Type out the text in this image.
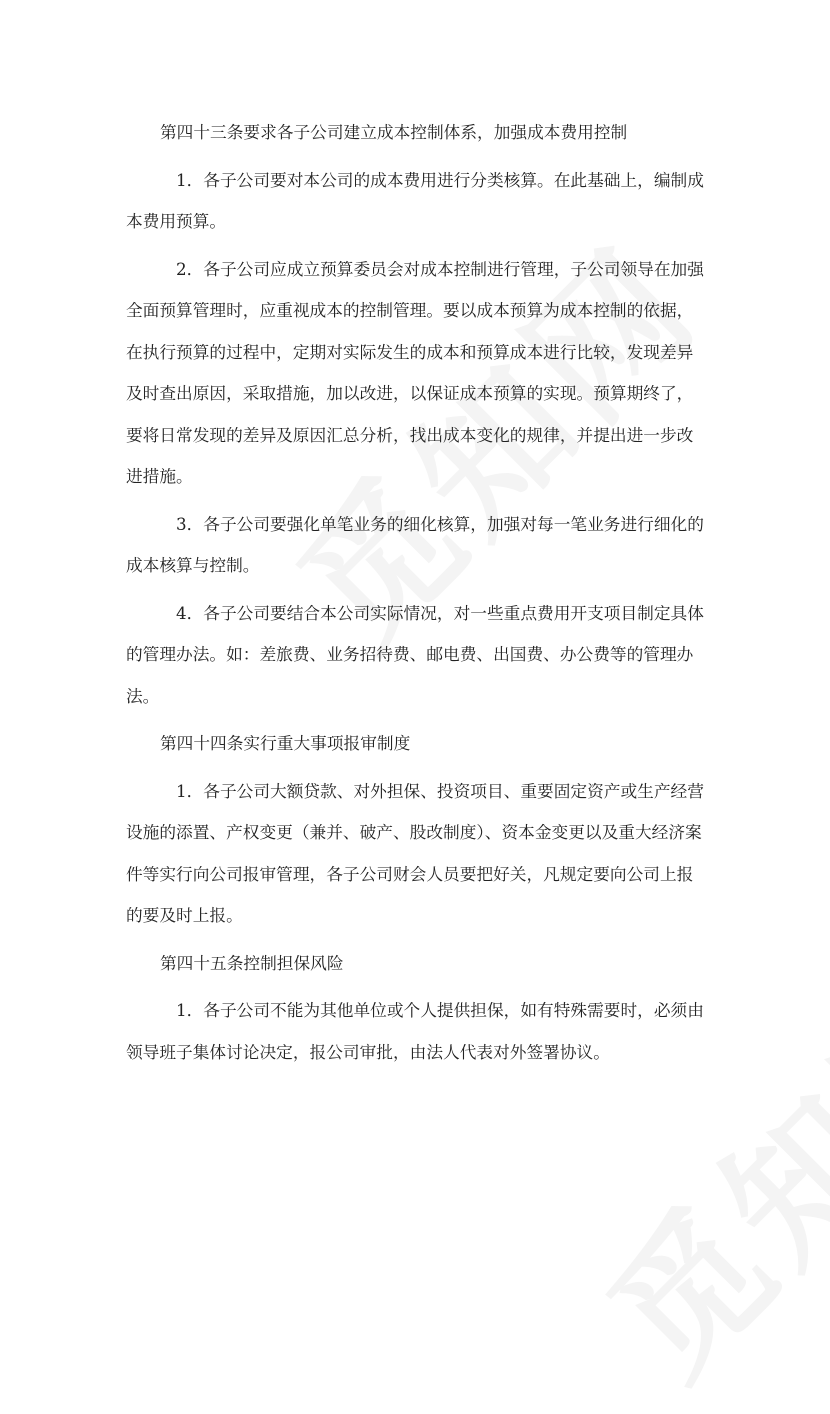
第四十三条要求各子公司建立成本控制体系，加强成本费用控制

1．各子公司要对本公司的成本费用进行分类核算。在此基础上，编制成
本费用预算。

2．各子公司应成立预算委员会对成本控制进行管理，子公司领导在加强
全面预算管理时，应重视成本的控制管理。要以成本预算为成本控制的依据，
在执行预算的过程中，定期对实际发生的成本和预算成本进行比较，发现差异
及时查出原因，采取措施，加以改进，以保证成本预算的实现。预算期终了，
要将日常发现的差异及原因汇总分析，找出成本变化的规律，并提出进一步改
进措施。

3．各子公司要强化单笔业务的细化核算，加强对每一笔业务进行细化的
成本核算与控制。

4．各子公司要结合本公司实际情况，对一些重点费用开支项目制定具体
的管理办法。如：差旅费、业务招待费、邮电费、出国费、办公费等的管理办
法。

第四十四条实行重大事项报审制度

1．各子公司大额贷款、对外担保、投资项目、重要固定资产或生产经营
设施的添置、产权变更（兼并、破产、股改制度）、资本金变更以及重大经济案
件等实行向公司报审管理，各子公司财会人员要把好关，凡规定要向公司上报
的要及时上报。

第四十五条控制担保风险

1．各子公司不能为其他单位或个人提供担保，如有特殊需要时，必须由
领导班子集体讨论决定，报公司审批，由法人代表对外签署协议。
